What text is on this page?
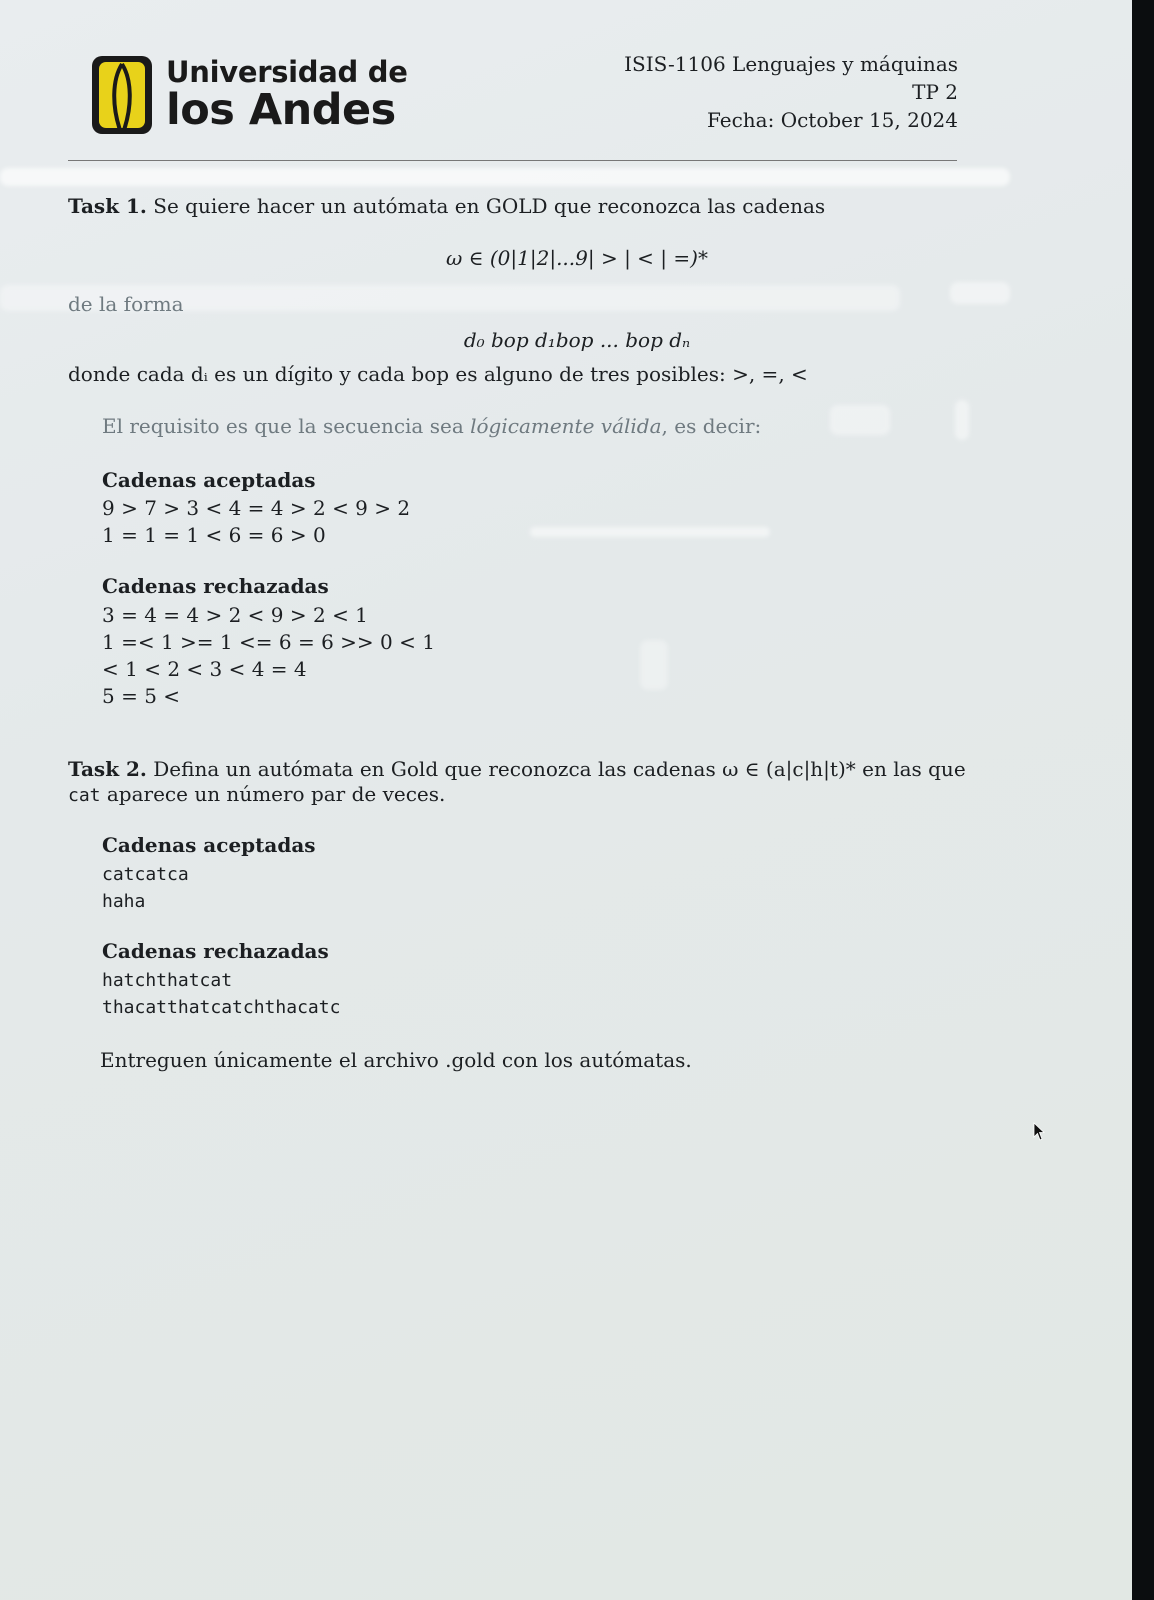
Universidad de
los Andes
ISIS-1106 Lenguajes y máquinas
TP 2
Fecha: October 15, 2024
Task 1. Se quiere hacer un autómata en GOLD que reconozca las cadenas
ω ∈ (0|1|2|...9| > | < | =)*
de la forma
d₀ bop d₁bop ... bop dₙ
donde cada dᵢ es un dígito y cada bop es alguno de tres posibles: >, =, <
El requisito es que la secuencia sea lógicamente válida, es decir:
Cadenas aceptadas
9 > 7 > 3 < 4 = 4 > 2 < 9 > 2
1 = 1 = 1 < 6 = 6 > 0
Cadenas rechazadas
3 = 4 = 4 > 2 < 9 > 2 < 1
1 =< 1 >= 1 <= 6 = 6 >> 0 < 1
< 1 < 2 < 3 < 4 = 4
5 = 5 <
Task 2. Defina un autómata en Gold que reconozca las cadenas ω ∈ (a|c|h|t)* en las que
cat aparece un número par de veces.
Cadenas aceptadas
catcatca
haha
Cadenas rechazadas
hatchthatcat
thacatthatcatchthacatc
Entreguen únicamente el archivo .gold con los autómatas.
